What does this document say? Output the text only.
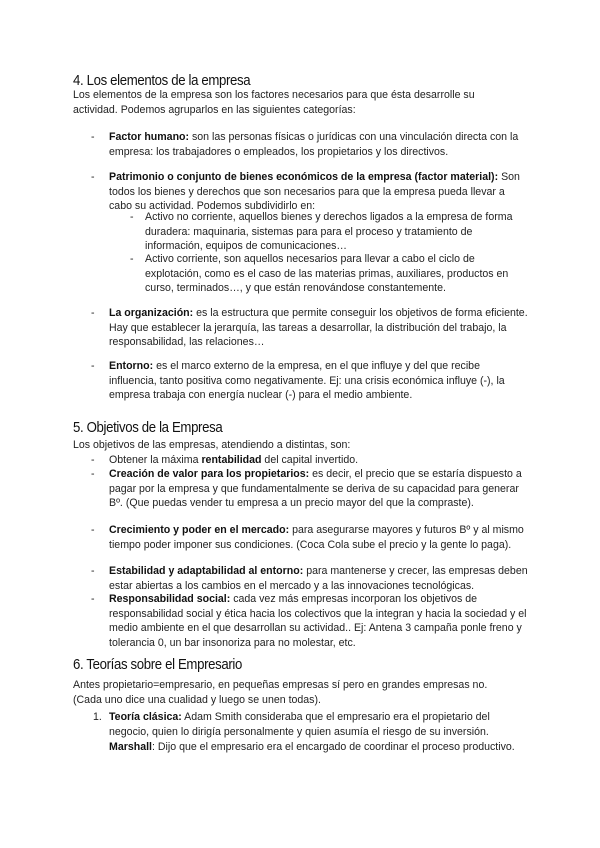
4. Los elementos de la empresa

Los elementos de la empresa son los factores necesarios para que ésta desarrolle su actividad. Podemos agruparlos en las siguientes categorías:

- Factor humano: son las personas físicas o jurídicas con una vinculación directa con la empresa: los trabajadores o empleados, los propietarios y los directivos.

- Patrimonio o conjunto de bienes económicos de la empresa (factor material): Son todos los bienes y derechos que son necesarios para que la empresa pueda llevar a cabo su actividad. Podemos subdividirlo en:

- Activo no corriente, aquellos bienes y derechos ligados a la empresa de forma duradera: maquinaria, sistemas para para el proceso y tratamiento de información, equipos de comunicaciones…

- Activo corriente, son aquellos necesarios para llevar a cabo el ciclo de explotación, como es el caso de las materias primas, auxiliares, productos en curso, terminados…, y que están renovándose constantemente.

- La organización: es la estructura que permite conseguir los objetivos de forma eficiente. Hay que establecer la jerarquía, las tareas a desarrollar, la distribución del trabajo, la responsabilidad, las relaciones…

- Entorno: es el marco externo de la empresa, en el que influye y del que recibe influencia, tanto positiva como negativamente. Ej: una crisis económica influye (-), la empresa trabaja con energía nuclear (-) para el medio ambiente.

5. Objetivos de la Empresa

Los objetivos de las empresas, atendiendo a distintas, son:

- Obtener la máxima rentabilidad del capital invertido.

- Creación de valor para los propietarios: es decir, el precio que se estaría dispuesto a pagar por la empresa y que fundamentalmente se deriva de su capacidad para generar Bº. (Que puedas vender tu empresa a un precio mayor del que la compraste).

- Crecimiento y poder en el mercado: para asegurarse mayores y futuros Bº y al mismo tiempo poder imponer sus condiciones. (Coca Cola sube el precio y la gente lo paga).

- Estabilidad y adaptabilidad al entorno: para mantenerse y crecer, las empresas deben estar abiertas a los cambios en el mercado y a las innovaciones tecnológicas.

- Responsabilidad social: cada vez más empresas incorporan los objetivos de responsabilidad social y ética hacia los colectivos que la integran y hacia la sociedad y el medio ambiente en el que desarrollan su actividad.. Ej: Antena 3 campaña ponle freno y tolerancia 0, un bar insonoriza para no molestar, etc.

6. Teorías sobre el Empresario

Antes propietario=empresario, en pequeñas empresas sí pero en grandes empresas no.(Cada uno dice una cualidad y luego se unen todas).

1. Teoría clásica: Adam Smith consideraba que el empresario era el propietario del negocio, quien lo dirigía personalmente y quien asumía el riesgo de su inversión.

Marshall: Dijo que el empresario era el encargado de coordinar el proceso productivo.
